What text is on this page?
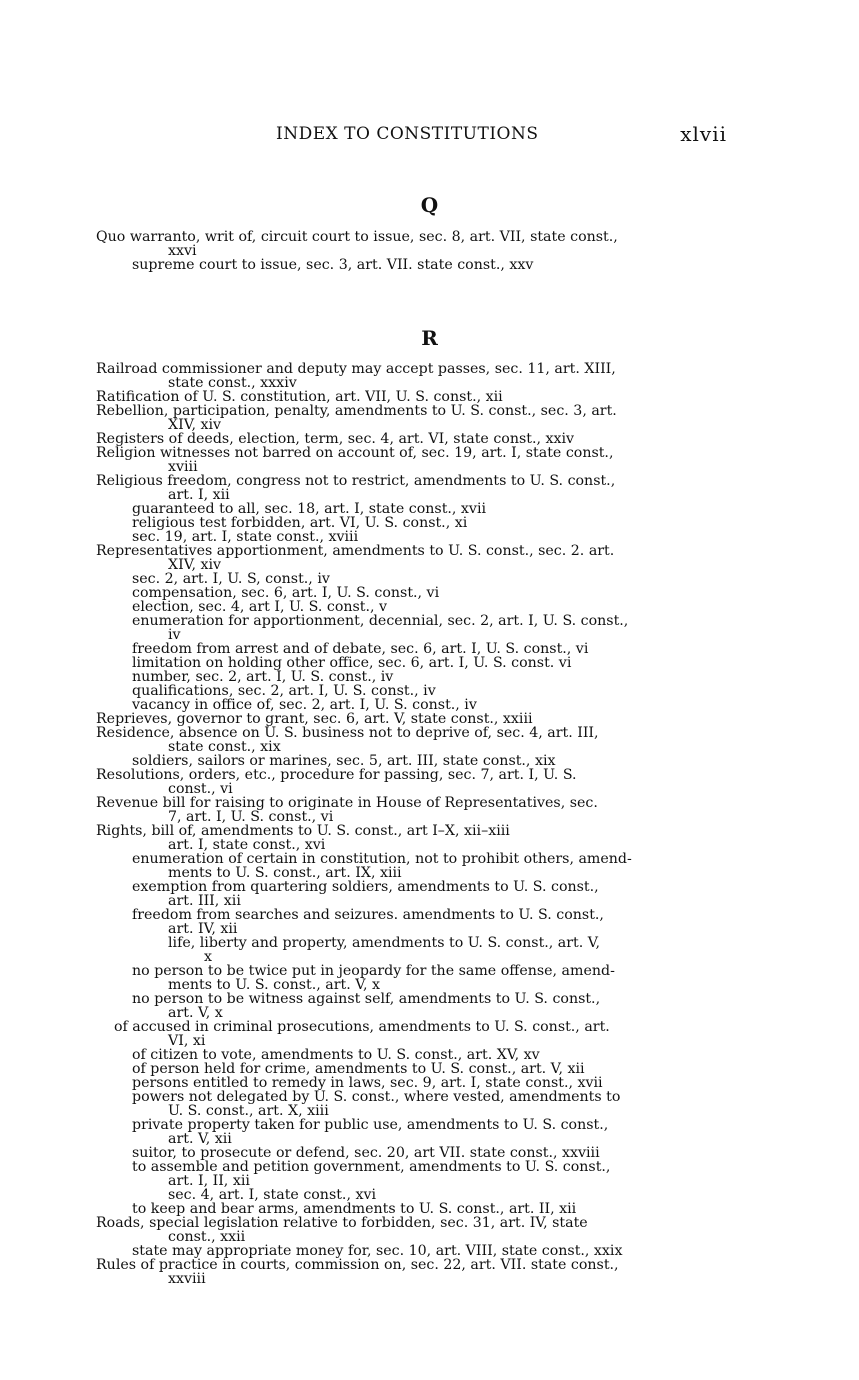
INDEX TO CONSTITUTIONS	xlvii
Q
Quo warranto, writ of, circuit court to issue, sec. 8, art. VII, state const.,
xxvi
supreme court to issue, sec. 3, art. VII. state const., xxv
R
Railroad commissioner and deputy may accept passes, sec. 11, art. XIII,
state const., xxxiv
Ratification of U. S. constitution, art. VII, U. S. const., xii
Rebellion, participation, penalty, amendments to U. S. const., sec. 3, art.
XIV, xiv
Registers of deeds, election, term, sec. 4, art. VI, state const., xxiv
Religion witnesses not barred on account of, sec. 19, art. I, state const.,
xviii
Religious freedom, congress not to restrict, amendments to U. S. const.,
art. I, xii
guaranteed to all, sec. 18, art. I, state const., xvii
religious test forbidden, art. VI, U. S. const., xi
sec. 19, art. I, state const., xviii
Representatives apportionment, amendments to U. S. const., sec. 2. art.
XIV, xiv
sec. 2, art. I, U. S, const., iv
compensation, sec. 6, art. I, U. S. const., vi
election, sec. 4, art I, U. S. const., v
enumeration for apportionment, decennial, sec. 2, art. I, U. S. const.,
iv
freedom from arrest and of debate, sec. 6, art. I, U. S. const., vi
limitation on holding other office, sec. 6, art. I, U. S. const. vi
number, sec. 2, art. I, U. S. const., iv
qualifications, sec. 2, art. I, U. S. const., iv
vacancy in office of, sec. 2, art. I, U. S. const., iv
Reprieves, governor to grant, sec. 6, art. V, state const., xxiii
Residence, absence on U. S. business not to deprive of, sec. 4, art. III,
state const., xix
soldiers, sailors or marines, sec. 5, art. III, state const., xix
Resolutions, orders, etc., procedure for passing, sec. 7, art. I, U. S.
const., vi
Revenue bill for raising to originate in House of Representatives, sec.
7, art. I, U. S. const., vi
Rights, bill of, amendments to U. S. const., art I–X, xii–xiii
art. I, state const., xvi
enumeration of certain in constitution, not to prohibit others, amend-
ments to U. S. const., art. IX, xiii
exemption from quartering soldiers, amendments to U. S. const.,
art. III, xii
freedom from searches and seizures. amendments to U. S. const.,
art. IV, xii
life, liberty and property, amendments to U. S. const., art. V,
x
no person to be twice put in jeopardy for the same offense, amend-
ments to U. S. const., art. V, x
no person to be witness against self, amendments to U. S. const.,
art. V, x
of accused in criminal prosecutions, amendments to U. S. const., art.
VI, xi
of citizen to vote, amendments to U. S. const., art. XV, xv
of person held for crime, amendments to U. S. const., art. V, xii
persons entitled to remedy in laws, sec. 9, art. I, state const., xvii
powers not delegated by U. S. const., where vested, amendments to
U. S. const., art. X, xiii
private property taken for public use, amendments to U. S. const.,
art. V, xii
suitor, to prosecute or defend, sec. 20, art VII. state const., xxviii
to assemble and petition government, amendments to U. S. const.,
art. I, II, xii
sec. 4, art. I, state const., xvi
to keep and bear arms, amendments to U. S. const., art. II, xii
Roads, special legislation relative to forbidden, sec. 31, art. IV, state
const., xxii
state may appropriate money for, sec. 10, art. VIII, state const., xxix
Rules of practice in courts, commission on, sec. 22, art. VII. state const.,
xxviii
